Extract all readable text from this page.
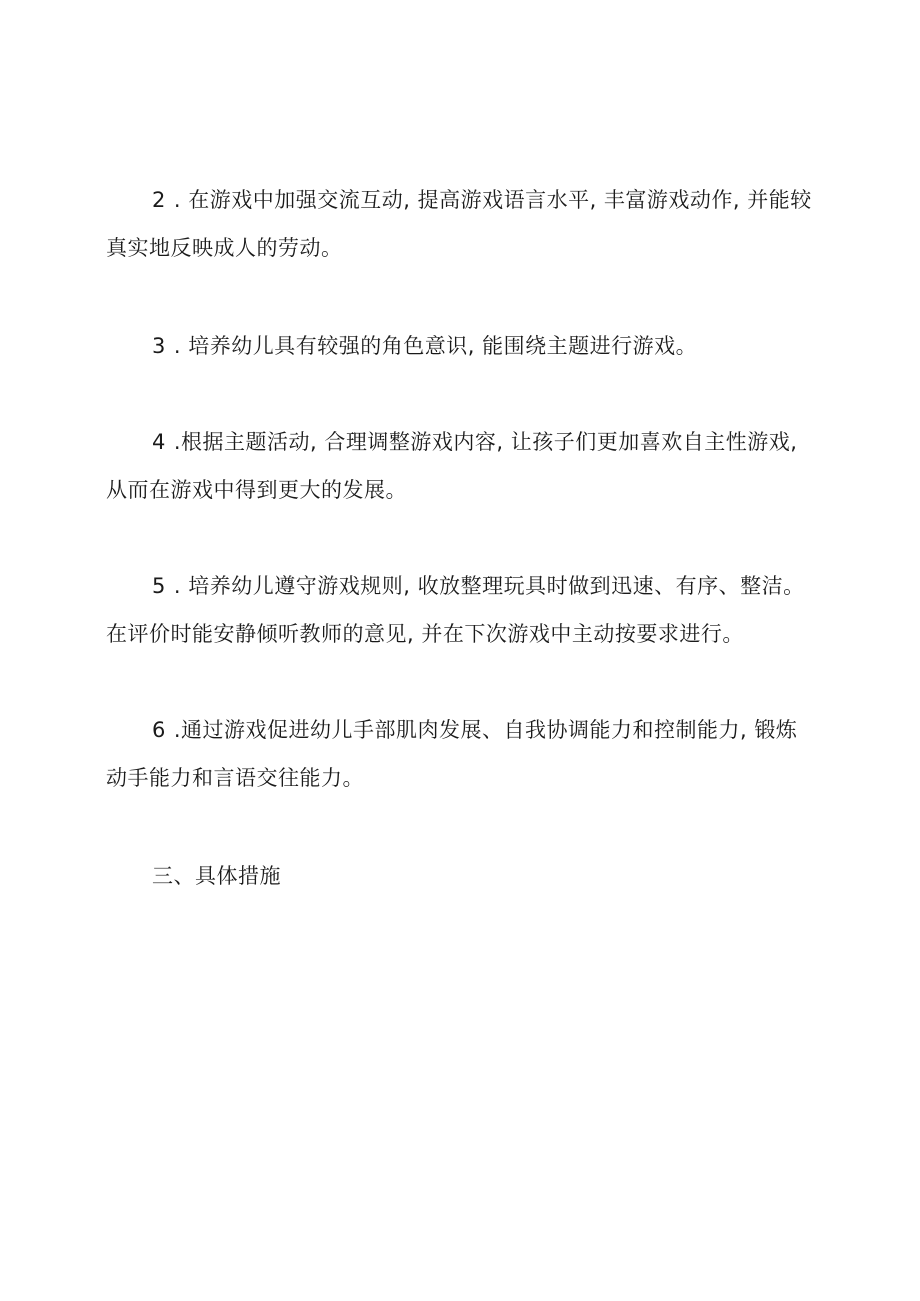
2 . 在游戏中加强交流互动, 提高游戏语言水平, 丰富游戏动作, 并能较真实地反映成人的劳动。

3 . 培养幼儿具有较强的角色意识, 能围绕主题进行游戏。

4 .根据主题活动, 合理调整游戏内容, 让孩子们更加喜欢自主性游戏, 从而在游戏中得到更大的发展。

5 . 培养幼儿遵守游戏规则, 收放整理玩具时做到迅速、有序、整洁。在评价时能安静倾听教师的意见, 并在下次游戏中主动按要求进行。

6 .通过游戏促进幼儿手部肌肉发展、自我协调能力和控制能力, 锻炼动手能力和言语交往能力。

三、具体措施
